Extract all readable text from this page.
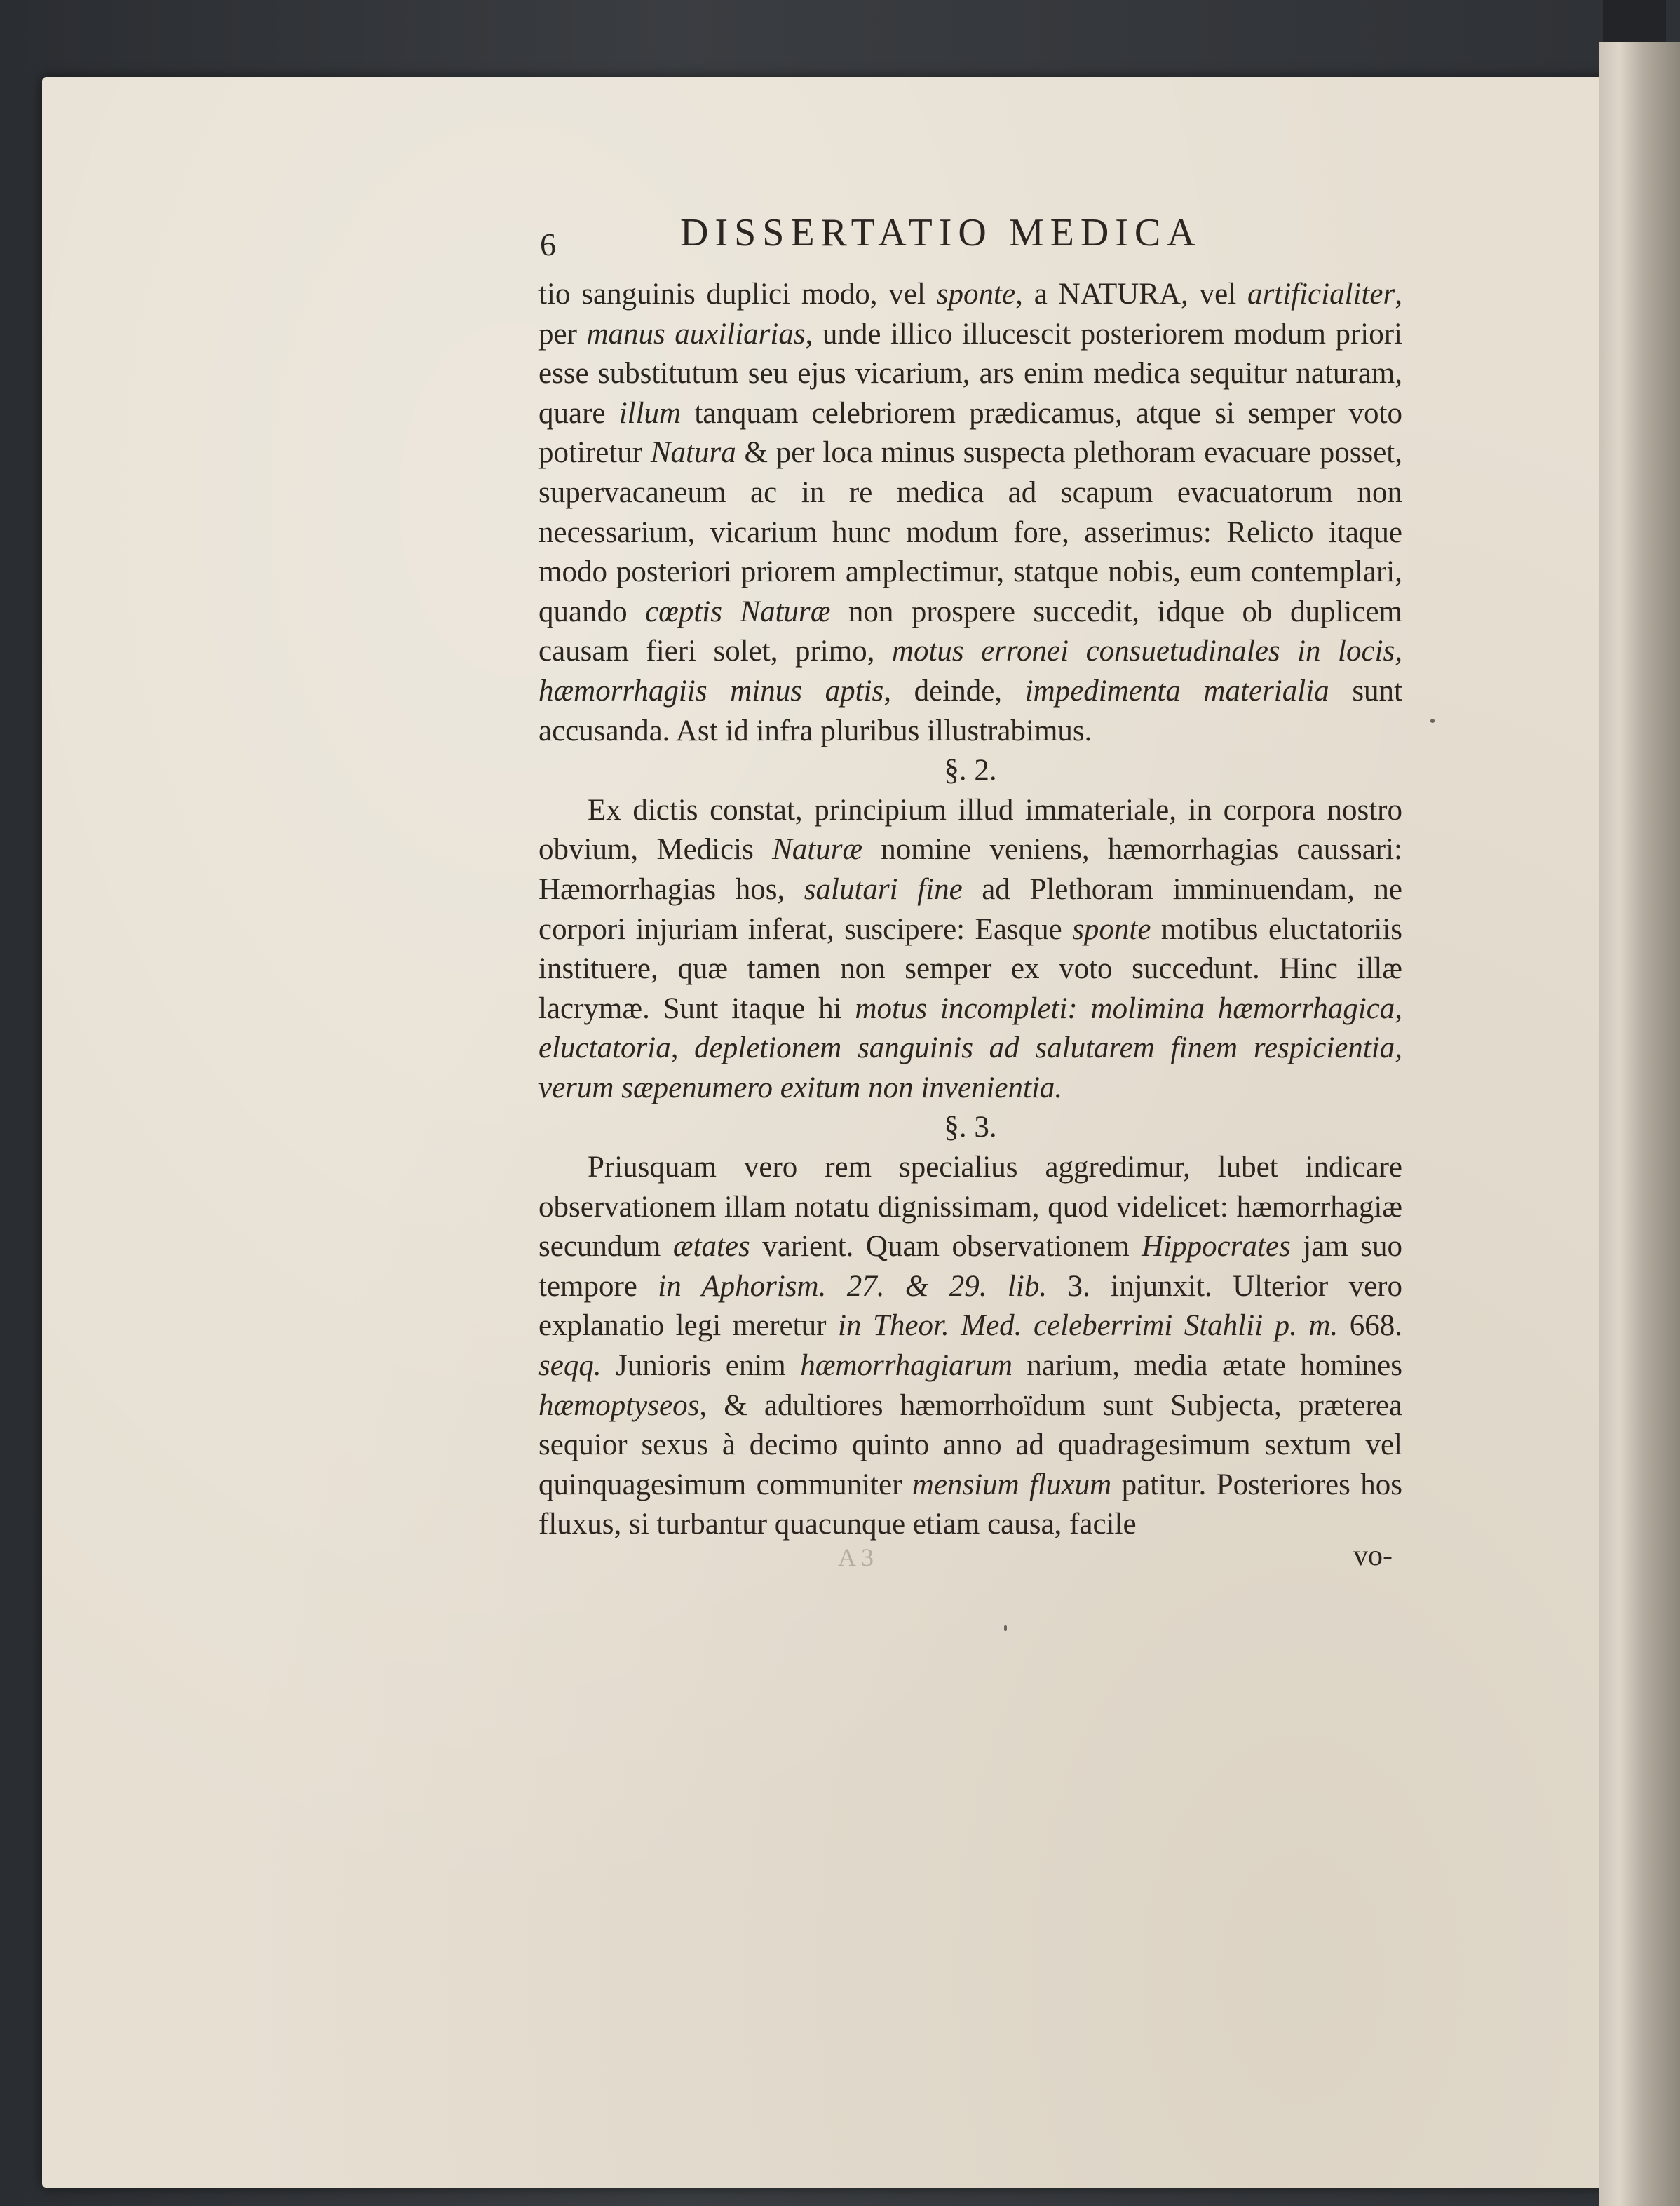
6	DISSERTATIO MEDICA

tio sanguinis duplici modo, vel sponte, a NATURA, vel artificialiter, per manus auxiliarias, unde illico illucescit posteriorem modum priori esse substitutum seu ejus vicarium, ars enim medica sequitur naturam, quare illum tanquam celebriorem prædicamus, atque si semper voto potiretur Natura & per loca minus suspecta plethoram evacuare posset, supervacaneum ac in re medica ad scapum evacuatorum non necessarium, vicarium hunc modum fore, asserimus: Relicto itaque modo posteriori priorem amplectimur, statque nobis, eum contemplari, quando cœptis Naturæ non prospere succedit, idque ob duplicem causam fieri solet, primo, motus erronei consuetudinales in locis, hæmorrhagiis minus aptis, deinde, impedimenta materialia sunt accusanda. Ast id infra pluribus illustrabimus.

§. 2.

Ex dictis constat, principium illud immateriale, in corpora nostro obvium, Medicis Naturæ nomine veniens, hæmorrhagias caussari: Hæmorrhagias hos, salutari fine ad Plethoram imminuendam, ne corpori injuriam inferat, suscipere: Easque sponte motibus eluctatoriis instituere, quæ tamen non semper ex voto succedunt. Hinc illæ lacrymæ. Sunt itaque hi motus incompleti: molimina hæmorrhagica, eluctatoria, depletionem sanguinis ad salutarem finem respicientia, verum sæpenumero exitum non invenientia.

§. 3.

Priusquam vero rem specialius aggredimur, lubet indicare observationem illam notatu dignissimam, quod videlicet: hæmorrhagiæ secundum ætates varient. Quam observationem Hippocrates jam suo tempore in Aphorism. 27. & 29. lib. 3. injunxit. Ulterior vero explanatio legi meretur in Theor. Med. celeberrimi Stahlii p. m. 668. seqq. Junioris enim hæmorrhagiarum narium, media ætate homines hæmoptyseos, & adultiores hæmorrhoïdum sunt Subjecta, præterea sequior sexus à decimo quinto anno ad quadragesimum sextum vel quinquagesimum communiter mensium fluxum patitur. Posteriores hos fluxus, si turbantur quacunque etiam causa, facile

A 3	vo-
